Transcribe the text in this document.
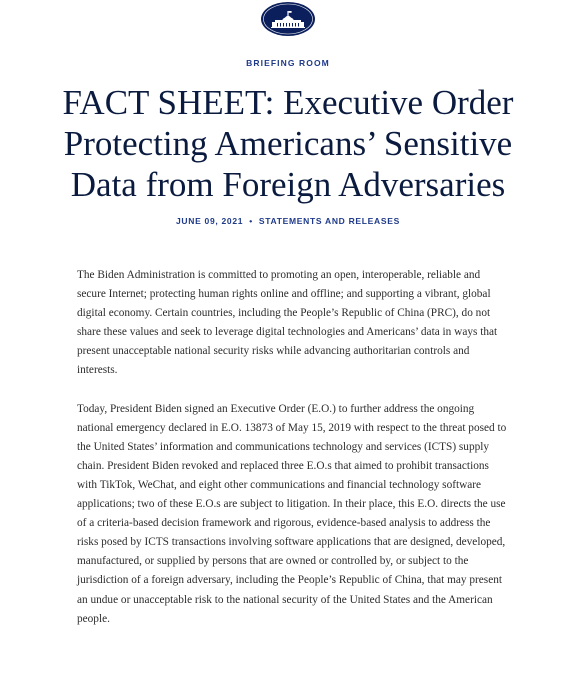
BRIEFING ROOM
FACT SHEET: Executive Order Protecting Americans’ Sensitive Data from Foreign Adversaries
JUNE 09, 2021 • STATEMENTS AND RELEASES

The Biden Administration is committed to promoting an open, interoperable, reliable and secure Internet; protecting human rights online and offline; and supporting a vibrant, global digital economy. Certain countries, including the People’s Republic of China (PRC), do not share these values and seek to leverage digital technologies and Americans’ data in ways that present unacceptable national security risks while advancing authoritarian controls and interests.

Today, President Biden signed an Executive Order (E.O.) to further address the ongoing national emergency declared in E.O. 13873 of May 15, 2019 with respect to the threat posed to the United States’ information and communications technology and services (ICTS) supply chain. President Biden revoked and replaced three E.O.s that aimed to prohibit transactions with TikTok, WeChat, and eight other communications and financial technology software applications; two of these E.O.s are subject to litigation. In their place, this E.O. directs the use of a criteria-based decision framework and rigorous, evidence-based analysis to address the risks posed by ICTS transactions involving software applications that are designed, developed, manufactured, or supplied by persons that are owned or controlled by, or subject to the jurisdiction of a foreign adversary, including the People’s Republic of China, that may present an undue or unacceptable risk to the national security of the United States and the American people.
